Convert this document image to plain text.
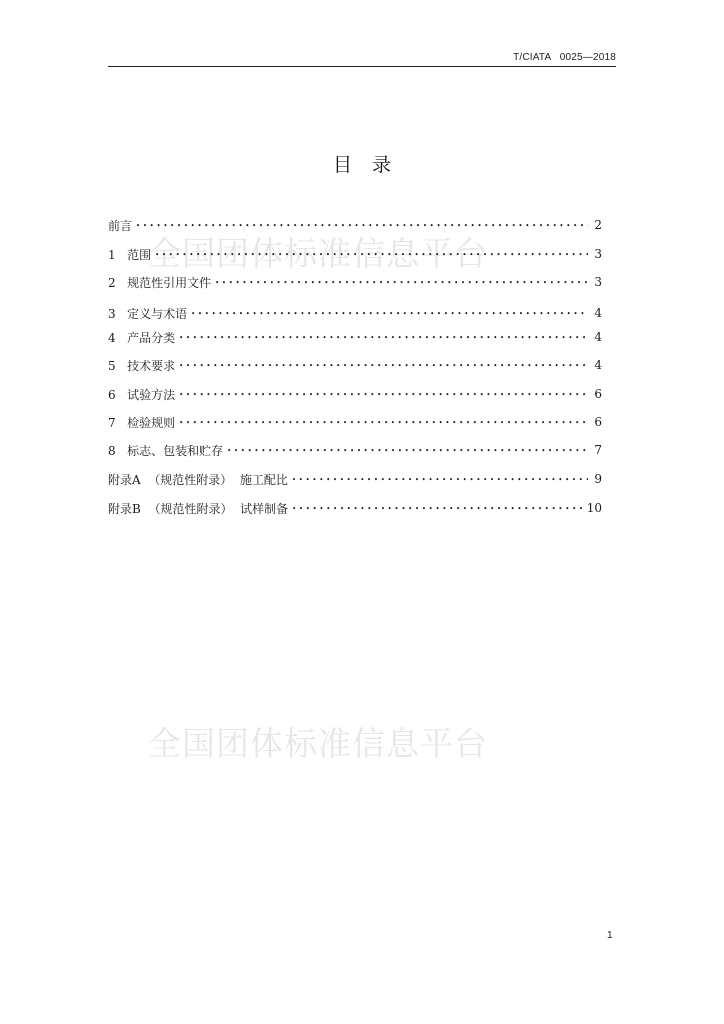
T/CIATA   0025—2018
目录
全国团体标准信息平台
全国团体标准信息平台
前言 •••••	2
1   范围 •••••	3
2   规范性引用文件 •••••	3
3   定义与术语 •••••	4
4   产品分类 •••••	4
5   技术要求 •••••	4
6   试验方法 •••••	6
7   检验规则 •••••	6
8   标志、包装和贮存 •••••	7
附录A  （规范性附录）  施工配比 •••••	9
附录B  （规范性附录）  试样制备 •••••	10
1
